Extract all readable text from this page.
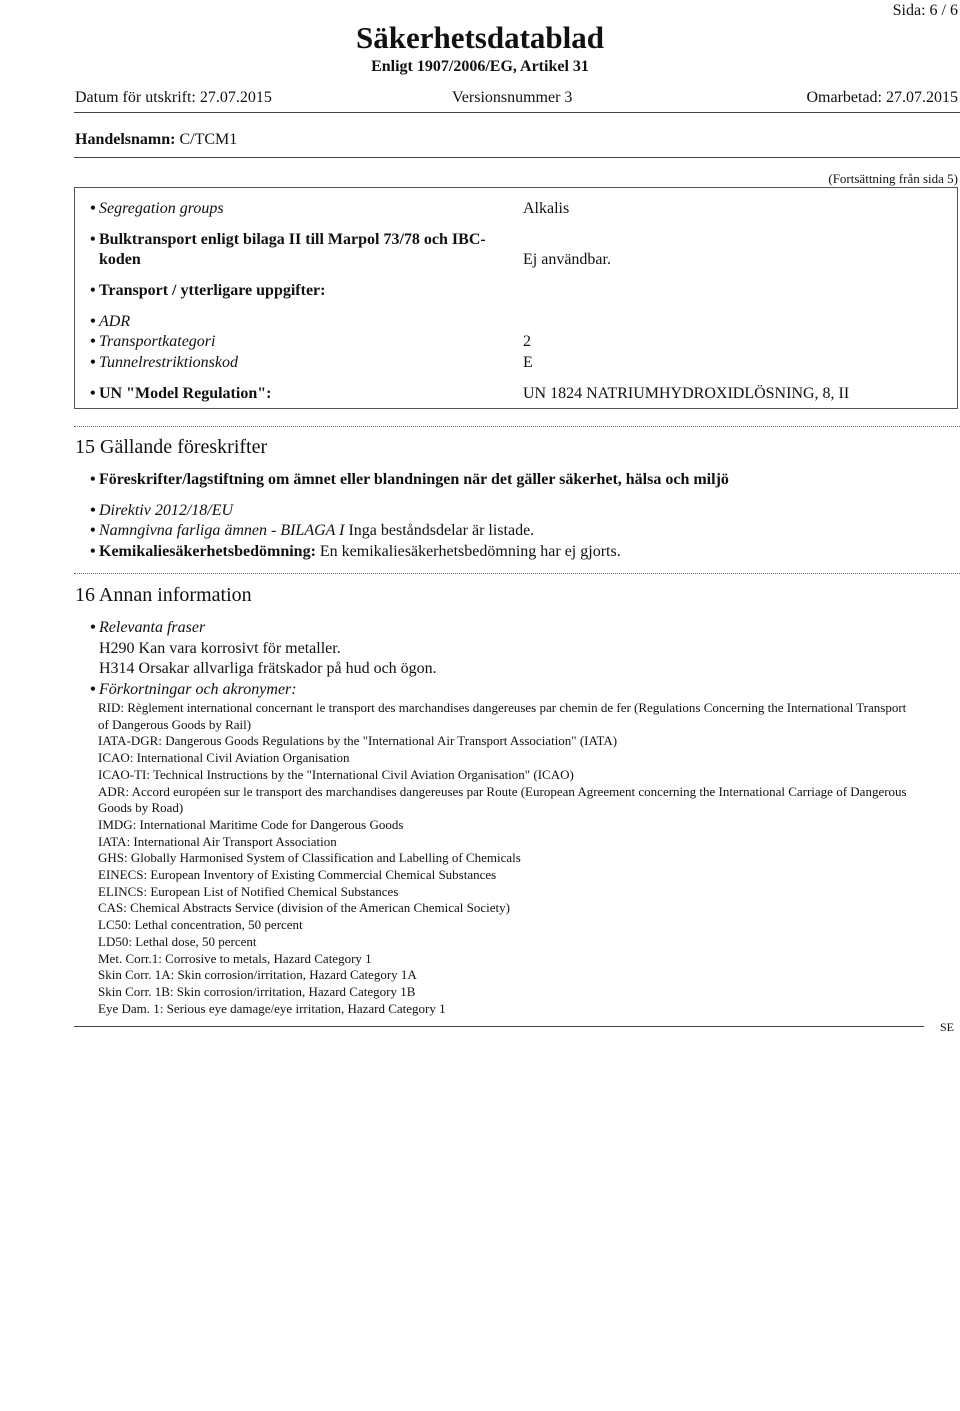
Sida: 6 / 6
Säkerhetsdatablad
Enligt 1907/2006/EG, Artikel 31
Datum för utskrift: 27.07.2015	Versionsnummer 3	Omarbetad: 27.07.2015
Handelsnamn: C/TCM1
(Fortsättning från sida 5)
• Segregation groups	Alkalis
• Bulktransport enligt bilaga II till Marpol 73/78 och IBC-
koden	Ej användbar.
• Transport / ytterligare uppgifter:
• ADR
• Transportkategori	2
• Tunnelrestriktionskod	E
• UN "Model Regulation":	UN 1824 NATRIUMHYDROXIDLÖSNING, 8, II
15 Gällande föreskrifter
• Föreskrifter/lagstiftning om ämnet eller blandningen när det gäller säkerhet, hälsa och miljö
• Direktiv 2012/18/EU
• Namngivna farliga ämnen - BILAGA I Inga beståndsdelar är listade.
• Kemikaliesäkerhetsbedömning: En kemikaliesäkerhetsbedömning har ej gjorts.
16 Annan information
• Relevanta fraser
H290 Kan vara korrosivt för metaller.
H314 Orsakar allvarliga frätskador på hud och ögon.
• Förkortningar och akronymer:
RID: Règlement international concernant le transport des marchandises dangereuses par chemin de fer (Regulations Concerning the International Transport of Dangerous Goods by Rail)
IATA-DGR: Dangerous Goods Regulations by the "International Air Transport Association" (IATA)
ICAO: International Civil Aviation Organisation
ICAO-TI: Technical Instructions by the "International Civil Aviation Organisation" (ICAO)
ADR: Accord européen sur le transport des marchandises dangereuses par Route (European Agreement concerning the International Carriage of Dangerous Goods by Road)
IMDG: International Maritime Code for Dangerous Goods
IATA: International Air Transport Association
GHS: Globally Harmonised System of Classification and Labelling of Chemicals
EINECS: European Inventory of Existing Commercial Chemical Substances
ELINCS: European List of Notified Chemical Substances
CAS: Chemical Abstracts Service (division of the American Chemical Society)
LC50: Lethal concentration, 50 percent
LD50: Lethal dose, 50 percent
Met. Corr.1: Corrosive to metals, Hazard Category 1
Skin Corr. 1A: Skin corrosion/irritation, Hazard Category 1A
Skin Corr. 1B: Skin corrosion/irritation, Hazard Category 1B
Eye Dam. 1: Serious eye damage/eye irritation, Hazard Category 1
SE
